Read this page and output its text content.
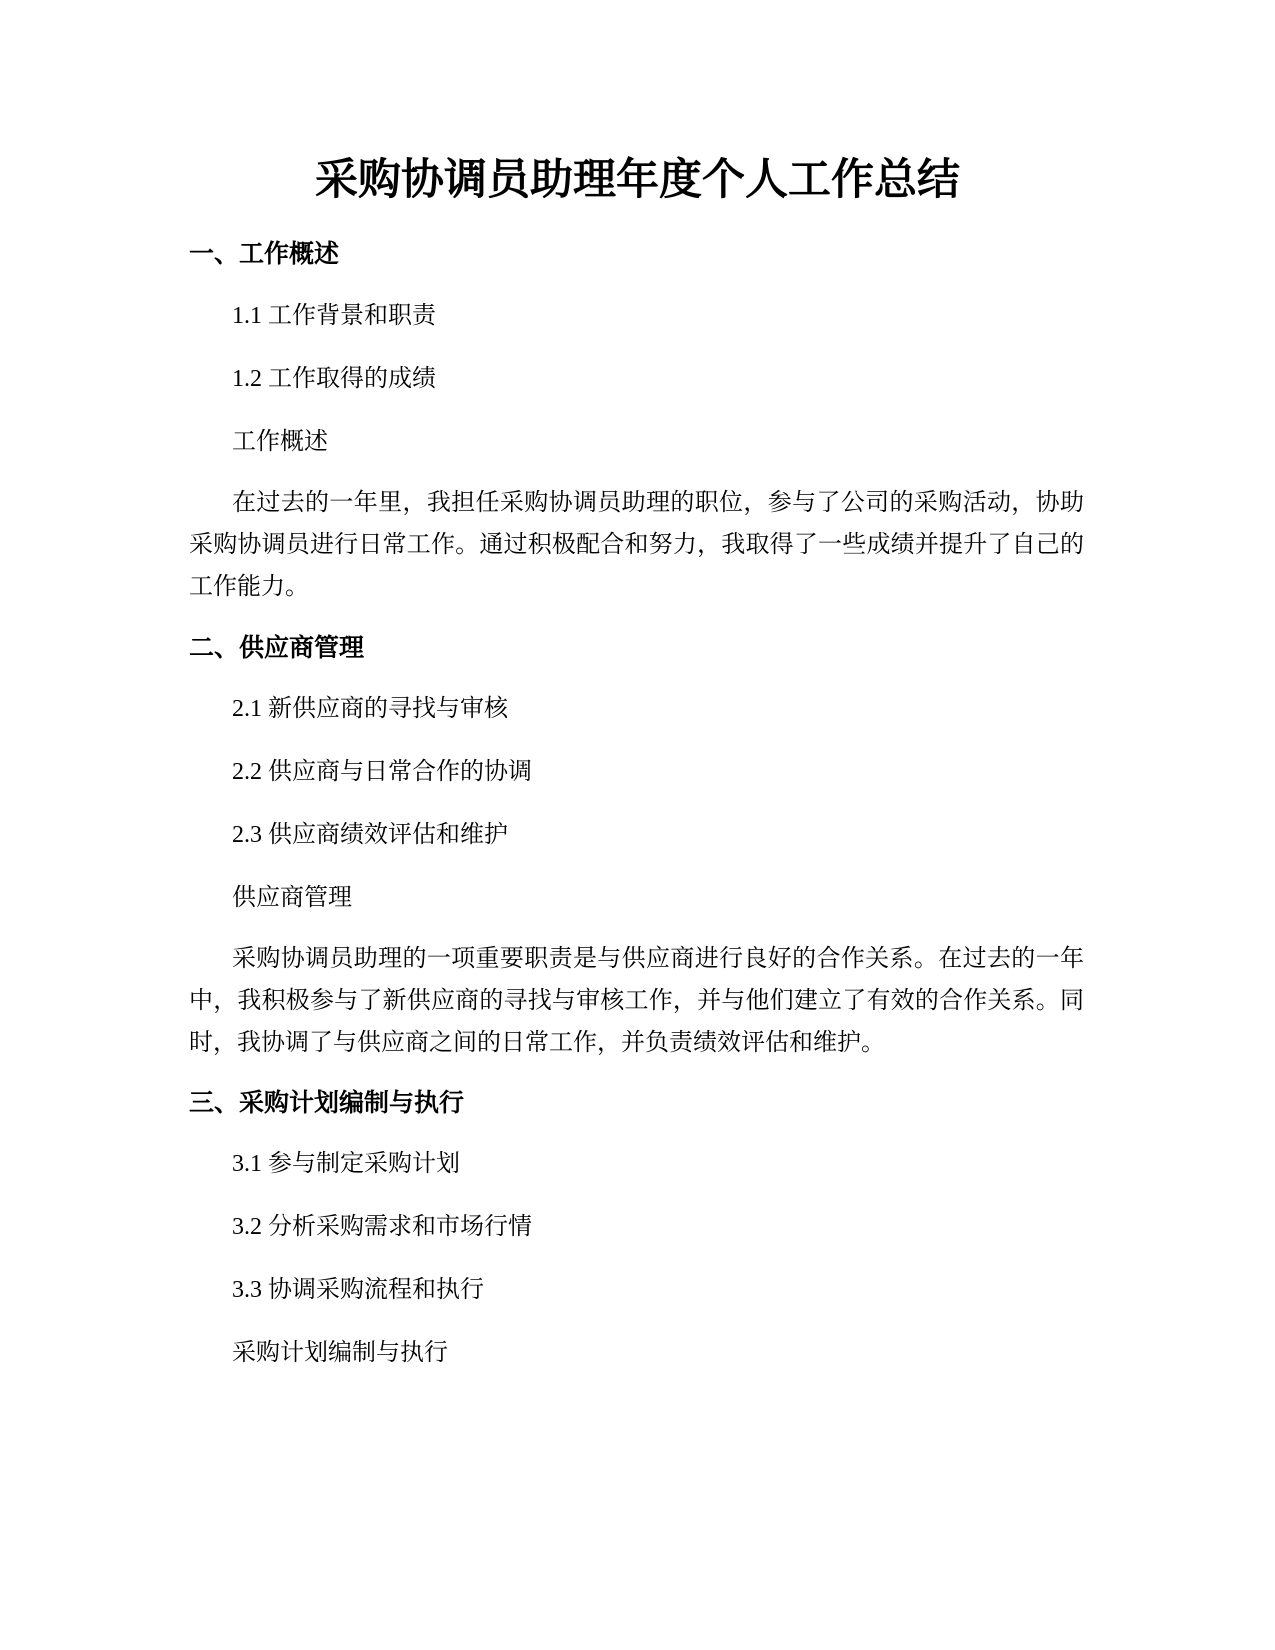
采购协调员助理年度个人工作总结
一、工作概述
1.1 工作背景和职责
1.2 工作取得的成绩
工作概述
在过去的一年里，我担任采购协调员助理的职位，参与了公司的采购活动，协助采购协调员进行日常工作。通过积极配合和努力，我取得了一些成绩并提升了自己的工作能力。
二、供应商管理
2.1 新供应商的寻找与审核
2.2 供应商与日常合作的协调
2.3 供应商绩效评估和维护
供应商管理
采购协调员助理的一项重要职责是与供应商进行良好的合作关系。在过去的一年中，我积极参与了新供应商的寻找与审核工作，并与他们建立了有效的合作关系。同时，我协调了与供应商之间的日常工作，并负责绩效评估和维护。
三、采购计划编制与执行
3.1 参与制定采购计划
3.2 分析采购需求和市场行情
3.3 协调采购流程和执行
采购计划编制与执行
